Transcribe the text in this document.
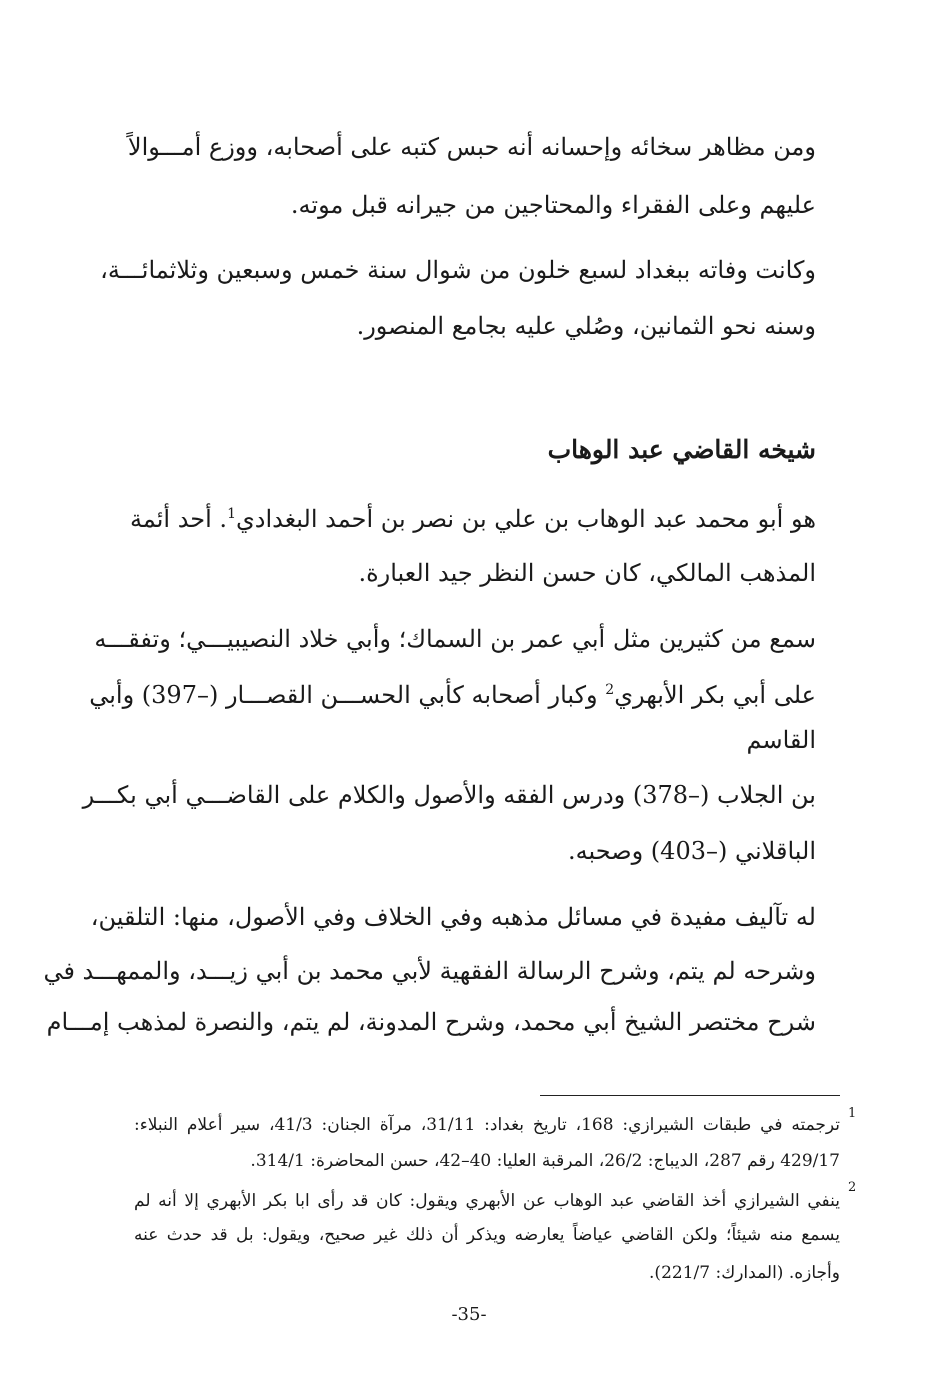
ومن مظاهر سخائه وإحسانه أنه حبس كتبه على أصحابه، ووزع أمـــوالاً
عليهم وعلى الفقراء والمحتاجين من جيرانه قبل موته.
وكانت وفاته ببغداد لسبع خلون من شوال سنة خمس وسبعين وثلاثمائـــة،
وسنه نحو الثمانين، وصُلي عليه بجامع المنصور.
شيخه القاضي عبد الوهاب
هو أبو محمد عبد الوهاب بن علي بن نصر بن أحمد البغدادي$^1$. أحد أئمة
المذهب المالكي، كان حسن النظر جيد العبارة.
سمع من كثيرين مثل أبي عمر بن السماك؛ وأبي خلاد النصيبيـــي؛ وتفقـــه
على أبي بكر الأبهري$^2$ وكبار أصحابه كأبي الحســـن القصـــار (–397) وأبي
القاسم
بن الجلاب (–378) ودرس الفقه والأصول والكلام على القاضـــي أبي بكـــر
الباقلاني (–403) وصحبه.
له تآليف مفيدة في مسائل مذهبه وفي الخلاف وفي الأصول، منها: التلقين،
وشرحه لم يتم، وشرح الرسالة الفقهية لأبي محمد بن أبي زيـــد، والممهـــد في
شرح مختصر الشيخ أبي محمد، وشرح المدونة، لم يتم، والنصرة لمذهب إمـــام
1
ترجمته في طبقات الشيرازي: 168، تاريخ بغداد: 31/11، مرآة الجنان: 41/3، سير أعلام النبلاء:
429/17 رقم 287، الديباج: 26/2، المرقبة العليا: 40–42، حسن المحاضرة: 314/1.
2
ينفي الشيرازي أخذ القاضي عبد الوهاب عن الأبهري ويقول: كان قد رأى ابا بكر الأبهري إلا أنه لم
يسمع منه شيئاً؛ ولكن القاضي عياضاً يعارضه ويذكر أن ذلك غير صحيح، ويقول: بل قد حدث عنه
وأجازه. (المدارك: 221/7).
-35-
